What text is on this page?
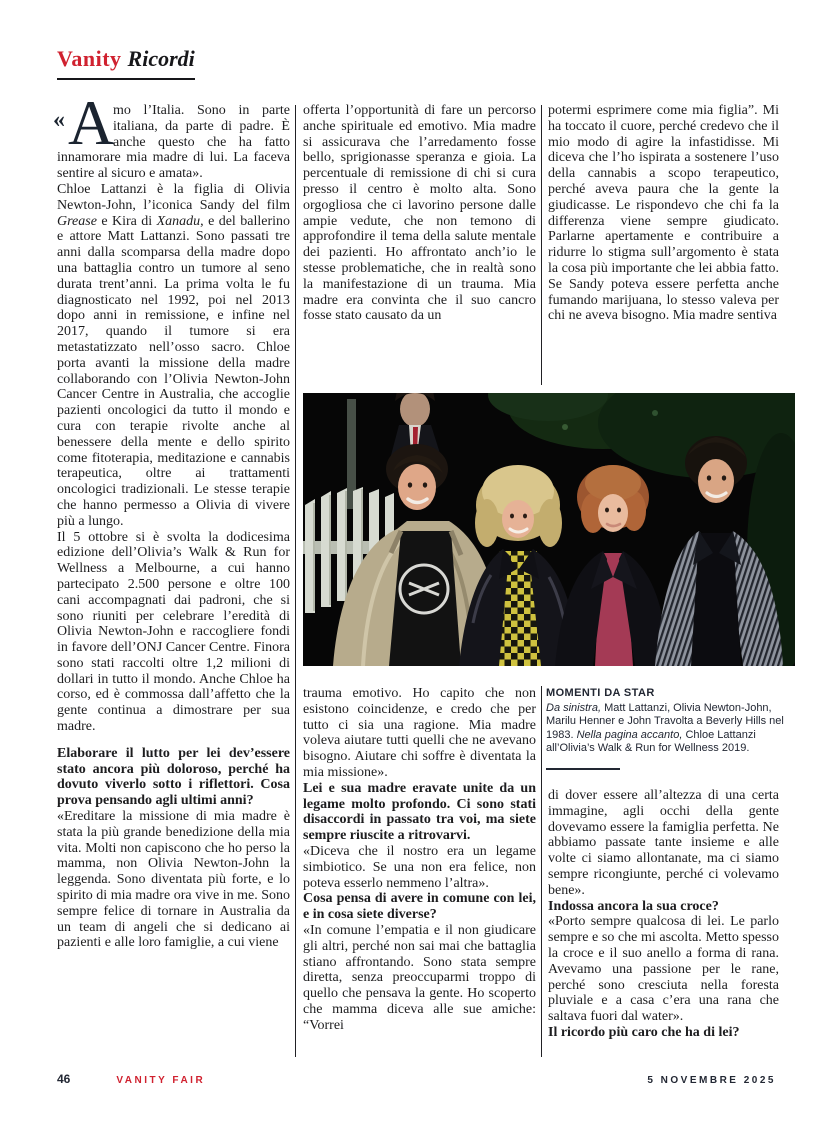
Vanity Ricordi

« A
mo l’Italia. Sono in parte italiana, da parte di padre. È anche questo che ha fatto innamorare mia madre di lui. La faceva sentire al sicuro e amata».

Chloe Lattanzi è la figlia di Olivia Newton-John, l’iconica Sandy del film Grease e Kira di Xanadu, e del ballerino e attore Matt Lattanzi. Sono passati tre anni dalla scomparsa della madre dopo una battaglia contro un tumore al seno durata trent’anni. La prima volta le fu diagnosticato nel 1992, poi nel 2013 dopo anni in remissione, e infine nel 2017, quando il tumore si era metastatizzato nell’osso sacro. Chloe porta avanti la missione della madre collaborando con l’Olivia Newton-John Cancer Centre in Australia, che accoglie pazienti oncologici da tutto il mondo e cura con terapie rivolte anche al benessere della mente e dello spirito come fitoterapia, meditazione e cannabis terapeutica, oltre ai trattamenti oncologici tradizionali. Le stesse terapie che hanno permesso a Olivia di vivere più a lungo.

Il 5 ottobre si è svolta la dodicesima edizione dell’Olivia’s Walk & Run for Wellness a Melbourne, a cui hanno partecipato 2.500 persone e oltre 100 cani accompagnati dai padroni, che si sono riuniti per celebrare l’eredità di Olivia Newton-John e raccogliere fondi in favore dell’ONJ Cancer Centre. Finora sono stati raccolti oltre 1,2 milioni di dollari in tutto il mondo. Anche Chloe ha corso, ed è commossa dall’affetto che la gente continua a dimostrare per sua madre.

Elaborare il lutto per lei dev’essere stato ancora più doloroso, perché ha dovuto viverlo sotto i riflettori. Cosa prova pensando agli ultimi anni?

«Ereditare la missione di mia madre è stata la più grande benedizione della mia vita. Molti non capiscono che ho perso la mamma, non Olivia Newton-John la leggenda. Sono diventata più forte, e lo spirito di mia madre ora vive in me. Sono sempre felice di tornare in Australia da un team di angeli che si dedicano ai pazienti e alle loro famiglie, a cui viene

offerta l’opportunità di fare un percorso anche spirituale ed emotivo. Mia madre si assicurava che l’arredamento fosse bello, sprigionasse speranza e gioia. La percentuale di remissione di chi si cura presso il centro è molto alta. Sono orgogliosa che ci lavorino persone dalle ampie vedute, che non temono di approfondire il tema della salute mentale dei pazienti. Ho affrontato anch’io le stesse problematiche, che in realtà sono la manifestazione di un trauma. Mia madre era convinta che il suo cancro fosse stato causato da un

potermi esprimere come mia figlia”. Mi ha toccato il cuore, perché credevo che il mio modo di agire la infastidisse. Mi diceva che l’ho ispirata a sostenere l’uso della cannabis a scopo terapeutico, perché aveva paura che la gente la giudicasse. Le rispondevo che chi fa la differenza viene sempre giudicato. Parlarne apertamente e contribuire a ridurre lo stigma sull’argomento è stata la cosa più importante che lei abbia fatto. Se Sandy poteva essere perfetta anche fumando marijuana, lo stesso valeva per chi ne aveva bisogno. Mia madre sentiva

trauma emotivo. Ho capito che non esistono coincidenze, e credo che per tutto ci sia una ragione. Mia madre voleva aiutare tutti quelli che ne avevano bisogno. Aiutare chi soffre è diventata la mia missione».

Lei e sua madre eravate unite da un legame molto profondo. Ci sono stati disaccordi in passato tra voi, ma siete sempre riuscite a ritrovarvi.

«Diceva che il nostro era un legame simbiotico. Se una non era felice, non poteva esserlo nemmeno l’altra».

Cosa pensa di avere in comune con lei, e in cosa siete diverse?

«In comune l’empatia e il non giudicare gli altri, perché non sai mai che battaglia stiano affrontando. Sono stata sempre diretta, senza preoccuparmi troppo di quello che pensava la gente. Ho scoperto che mamma diceva alle sue amiche: “Vorrei

di dover essere all’altezza di una certa immagine, agli occhi della gente dovevamo essere la famiglia perfetta. Ne abbiamo passate tante insieme e alle volte ci siamo allontanate, ma ci siamo sempre ricongiunte, perché ci volevamo bene».

Indossa ancora la sua croce?

«Porto sempre qualcosa di lei. Le parlo sempre e so che mi ascolta. Metto spesso la croce e il suo anello a forma di rana. Avevamo una passione per le rane, perché sono cresciuta nella foresta pluviale e a casa c’era una rana che saltava fuori dal water».

Il ricordo più caro che ha di lei?

MOMENTI DA STAR
Da sinistra, Matt Lattanzi, Olivia Newton-John, Marilu Henner e John Travolta a Beverly Hills nel 1983. Nella pagina accanto, Chloe Lattanzi all’Olivia’s Walk & Run for Wellness 2019.
46	VANITY FAIR	5 NOVEMBRE 2025
